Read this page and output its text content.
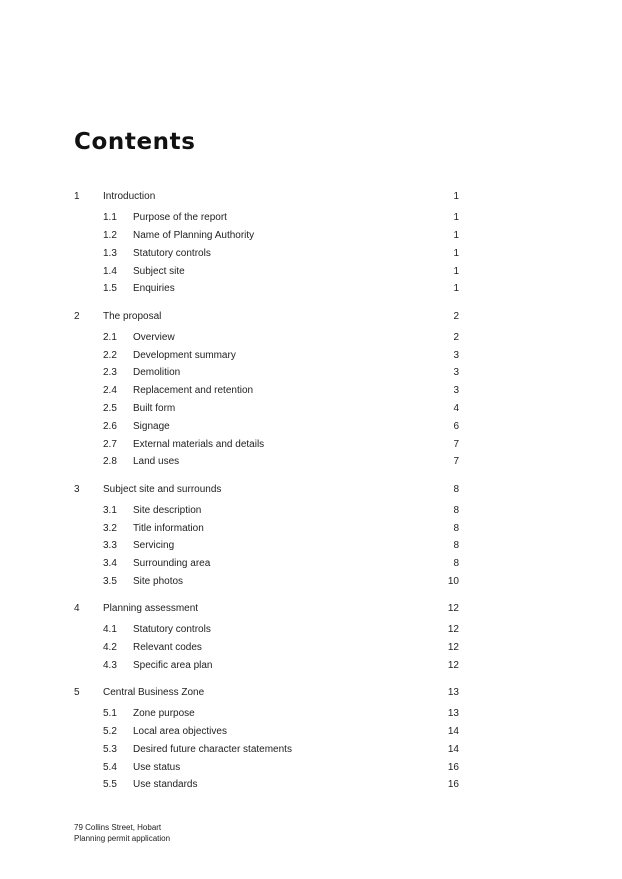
Contents
1 Introduction	1
1.1 Purpose of the report	1
1.2 Name of Planning Authority	1
1.3 Statutory controls	1
1.4 Subject site	1
1.5 Enquiries	1
2 The proposal	2
2.1 Overview	2
2.2 Development summary	3
2.3 Demolition	3
2.4 Replacement and retention	3
2.5 Built form	4
2.6 Signage	6
2.7 External materials and details	7
2.8 Land uses	7
3 Subject site and surrounds	8
3.1 Site description	8
3.2 Title information	8
3.3 Servicing	8
3.4 Surrounding area	8
3.5 Site photos	10
4 Planning assessment	12
4.1 Statutory controls	12
4.2 Relevant codes	12
4.3 Specific area plan	12
5 Central Business Zone	13
5.1 Zone purpose	13
5.2 Local area objectives	14
5.3 Desired future character statements	14
5.4 Use status	16
5.5 Use standards	16
79 Collins Street, Hobart
Planning permit application
